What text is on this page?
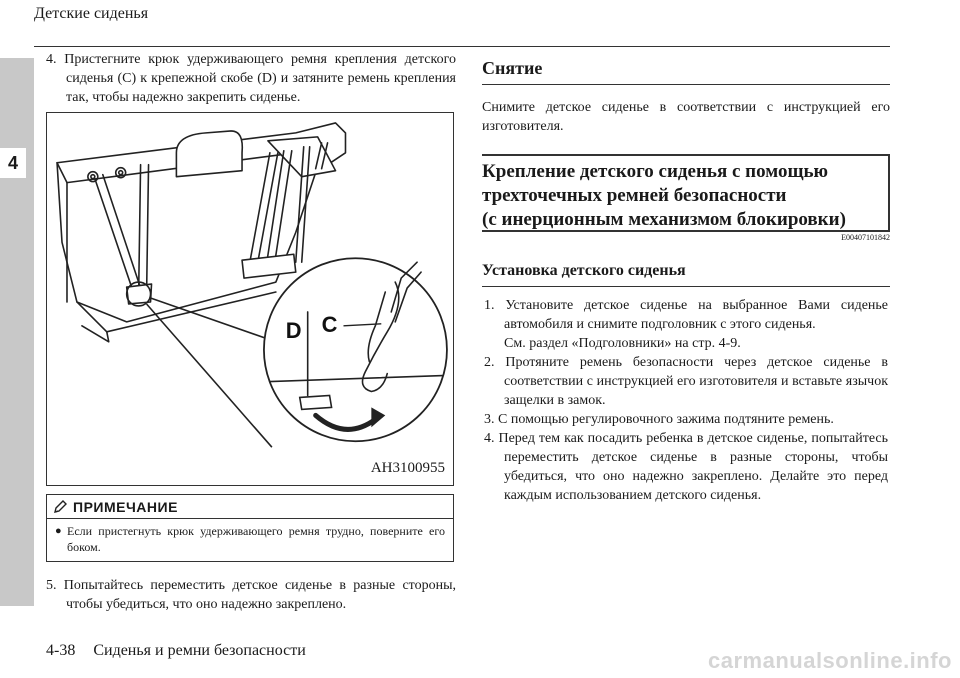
Детские сиденья
4

4. Пристегните крюк удерживающего ремня крепления детского сиденья (C) к крепежной скобе (D) и затяните ремень крепления так, чтобы надежно закрепить сиденье.

D C
AH3100955
ПРИМЕЧАНИЕ
● Если пристегнуть крюк удерживающего ремня трудно, поверните его боком.

5. Попытайтесь переместить детское сиденье в разные стороны, чтобы убедиться, что оно надежно закреплено.

Снятие

Снимите детское сиденье в соответствии с инструкцией его изготовителя.

Крепление детского сиденья с помощью
трехточечных ремней безопасности
(с инерционным механизмом блокировки)
E00407101842
Установка детского сиденья

1. Установите детское сиденье на выбранное Вами сиденье автомобиля и снимите подголовник с этого сиденья.

См. раздел «Подголовники» на стр. 4-9.

2. Протяните ремень безопасности через детское сиденье в соответствии с инструкцией его изготовителя и вставьте язычок защелки в замок.

3. С помощью регулировочного зажима подтяните ремень.

4. Перед тем как посадить ребенка в детское сиденье, попытайтесь переместить детское сиденье в разные стороны, чтобы убедиться, что оно надежно закреплено. Делайте это перед каждым использованием детского сиденья.

4-38 Сиденья и ремни безопасности	carmanualsonline.info
